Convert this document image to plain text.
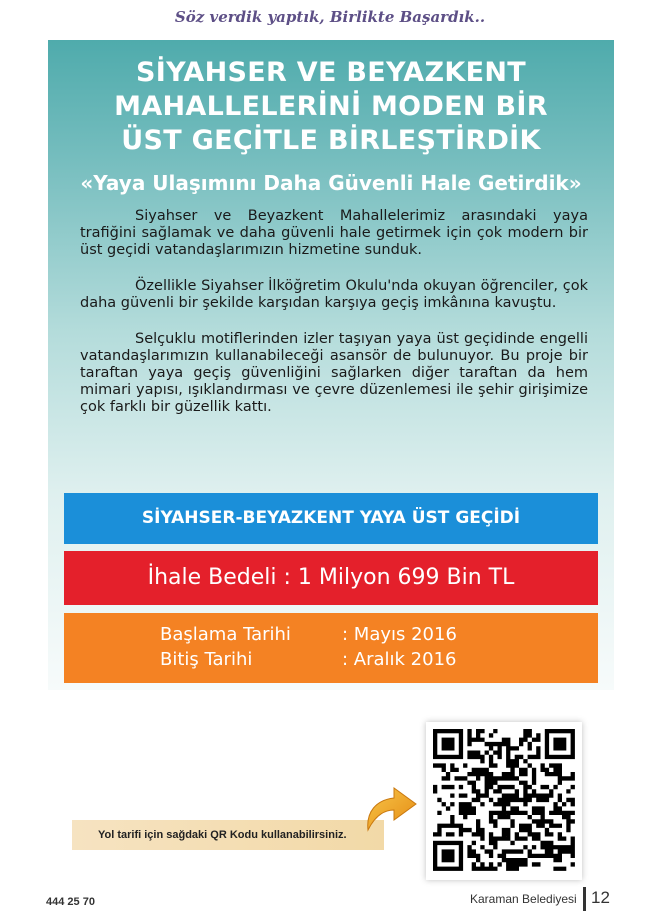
Söz verdik yaptık, Birlikte Başardık..
SİYAHSER VE BEYAZKENT
MAHALLELERİNİ MODEN BİR
ÜST GEÇİTLE BİRLEŞTİRDİK
«Yaya Ulaşımını Daha Güvenli Hale Getirdik»

Siyahser ve Beyazkent Mahallelerimiz arasındaki yaya trafiğini sağlamak ve daha güvenli hale getirmek için çok modern bir üst geçidi vatandaşlarımızın hizmetine sunduk.

Özellikle Siyahser İlköğretim Okulu'nda okuyan öğrenciler, çok daha güvenli bir şekilde karşıdan karşıya geçiş imkânına kavuştu.

Selçuklu motiflerinden izler taşıyan yaya üst geçidinde engelli vatandaşlarımızın kullanabileceği asansör de bulunuyor. Bu proje bir taraftan yaya geçiş güvenliğini sağlarken diğer taraftan da hem mimari yapısı, ışıklandırması ve çevre düzenlemesi ile şehir girişimize çok farklı bir güzellik kattı.

SİYAHSER-BEYAZKENT YAYA ÜST GEÇİDİ
İhale Bedeli : 1 Milyon 699 Bin TL
Başlama Tarihi	: Mayıs 2016
Bitiş Tarihi	: Aralık 2016
Yol tarifi için sağdaki QR Kodu kullanabilirsiniz.
444 25 70	Karaman Belediyesi 12
